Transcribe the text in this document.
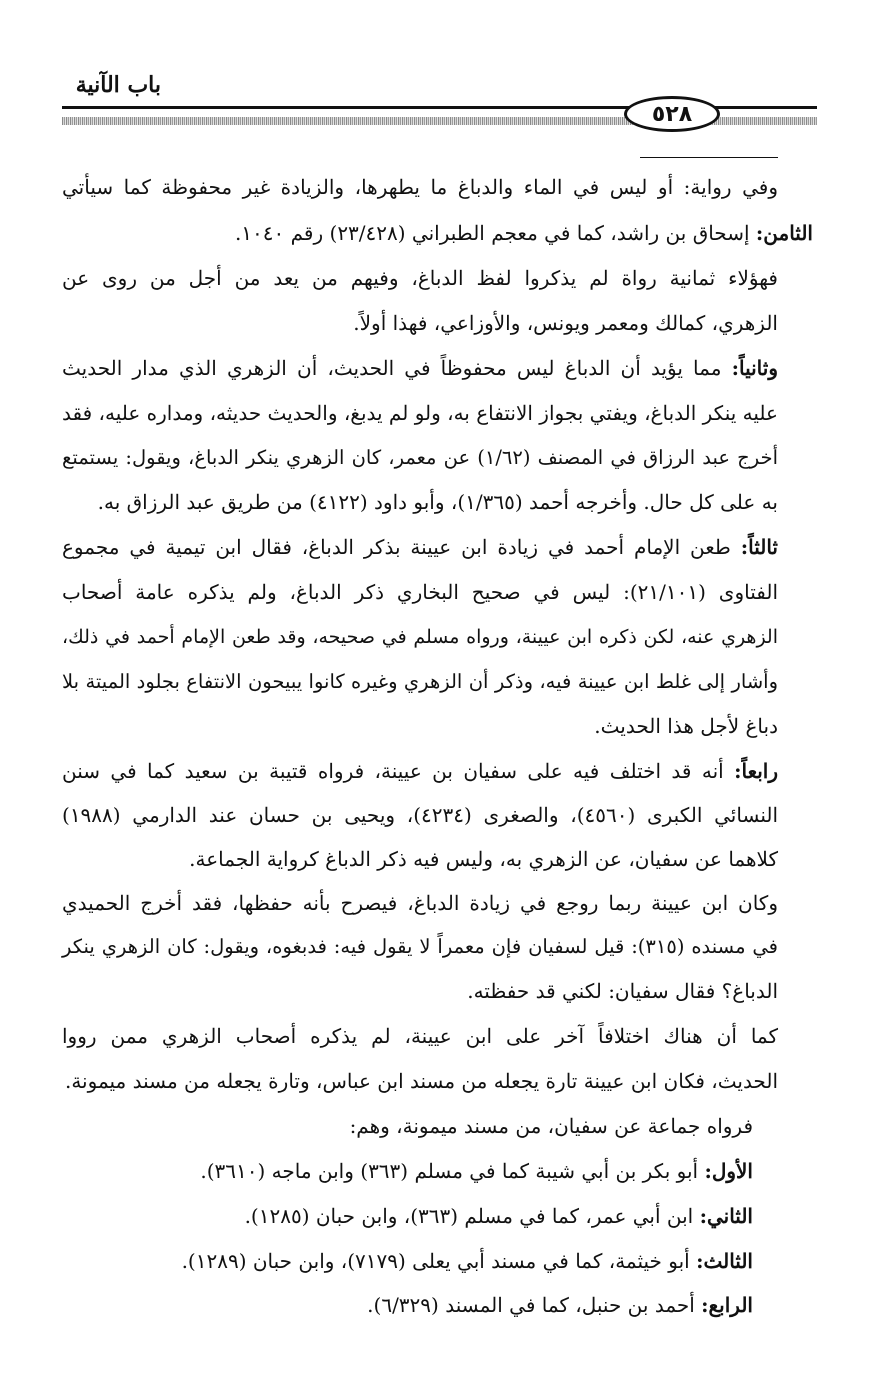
باب الآنية
٥٢٨
وفي رواية: أو ليس في الماء والدباغ ما يطهرها، والزيادة غير محفوظة كما سيأتي
الثامن: إسحاق بن راشد، كما في معجم الطبراني (٢٣/٤٢٨) رقم ١٠٤٠.
فهؤلاء ثمانية رواة لم يذكروا لفظ الدباغ، وفيهم من يعد من أجل من روى عن
الزهري، كمالك ومعمر ويونس، والأوزاعي، فهذا أولاً.
وثانياً: مما يؤيد أن الدباغ ليس محفوظاً في الحديث، أن الزهري الذي مدار الحديث
عليه ينكر الدباغ، ويفتي بجواز الانتفاع به، ولو لم يدبغ، والحديث حديثه، ومداره عليه، فقد
أخرج عبد الرزاق في المصنف (١/٦٢) عن معمر، كان الزهري ينكر الدباغ، ويقول: يستمتع
به على كل حال. وأخرجه أحمد (١/٣٦٥)، وأبو داود (٤١٢٢) من طريق عبد الرزاق به.
ثالثاً: طعن الإمام أحمد في زيادة ابن عيينة بذكر الدباغ، فقال ابن تيمية في مجموع
الفتاوى (٢١/١٠١): ليس في صحيح البخاري ذكر الدباغ، ولم يذكره عامة أصحاب
الزهري عنه، لكن ذكره ابن عيينة، ورواه مسلم في صحيحه، وقد طعن الإمام أحمد في ذلك،
وأشار إلى غلط ابن عيينة فيه، وذكر أن الزهري وغيره كانوا يبيحون الانتفاع بجلود الميتة بلا
دباغ لأجل هذا الحديث.
رابعاً: أنه قد اختلف فيه على سفيان بن عيينة، فرواه قتيبة بن سعيد كما في سنن
النسائي الكبرى (٤٥٦٠)، والصغرى (٤٢٣٤)، ويحيى بن حسان عند الدارمي (١٩٨٨)
كلاهما عن سفيان، عن الزهري به، وليس فيه ذكر الدباغ كرواية الجماعة.
وكان ابن عيينة ربما روجع في زيادة الدباغ، فيصرح بأنه حفظها، فقد أخرج الحميدي
في مسنده (٣١٥): قيل لسفيان فإن معمراً لا يقول فيه: فدبغوه، ويقول: كان الزهري ينكر
الدباغ؟ فقال سفيان: لكني قد حفظته.
كما أن هناك اختلافاً آخر على ابن عيينة، لم يذكره أصحاب الزهري ممن رووا
الحديث، فكان ابن عيينة تارة يجعله من مسند ابن عباس، وتارة يجعله من مسند ميمونة.
فرواه جماعة عن سفيان، من مسند ميمونة، وهم:
الأول: أبو بكر بن أبي شيبة كما في مسلم (٣٦٣) وابن ماجه (٣٦١٠).
الثاني: ابن أبي عمر، كما في مسلم (٣٦٣)، وابن حبان (١٢٨٥).
الثالث: أبو خيثمة، كما في مسند أبي يعلى (٧١٧٩)، وابن حبان (١٢٨٩).
الرابع: أحمد بن حنبل، كما في المسند (٦/٣٢٩).
